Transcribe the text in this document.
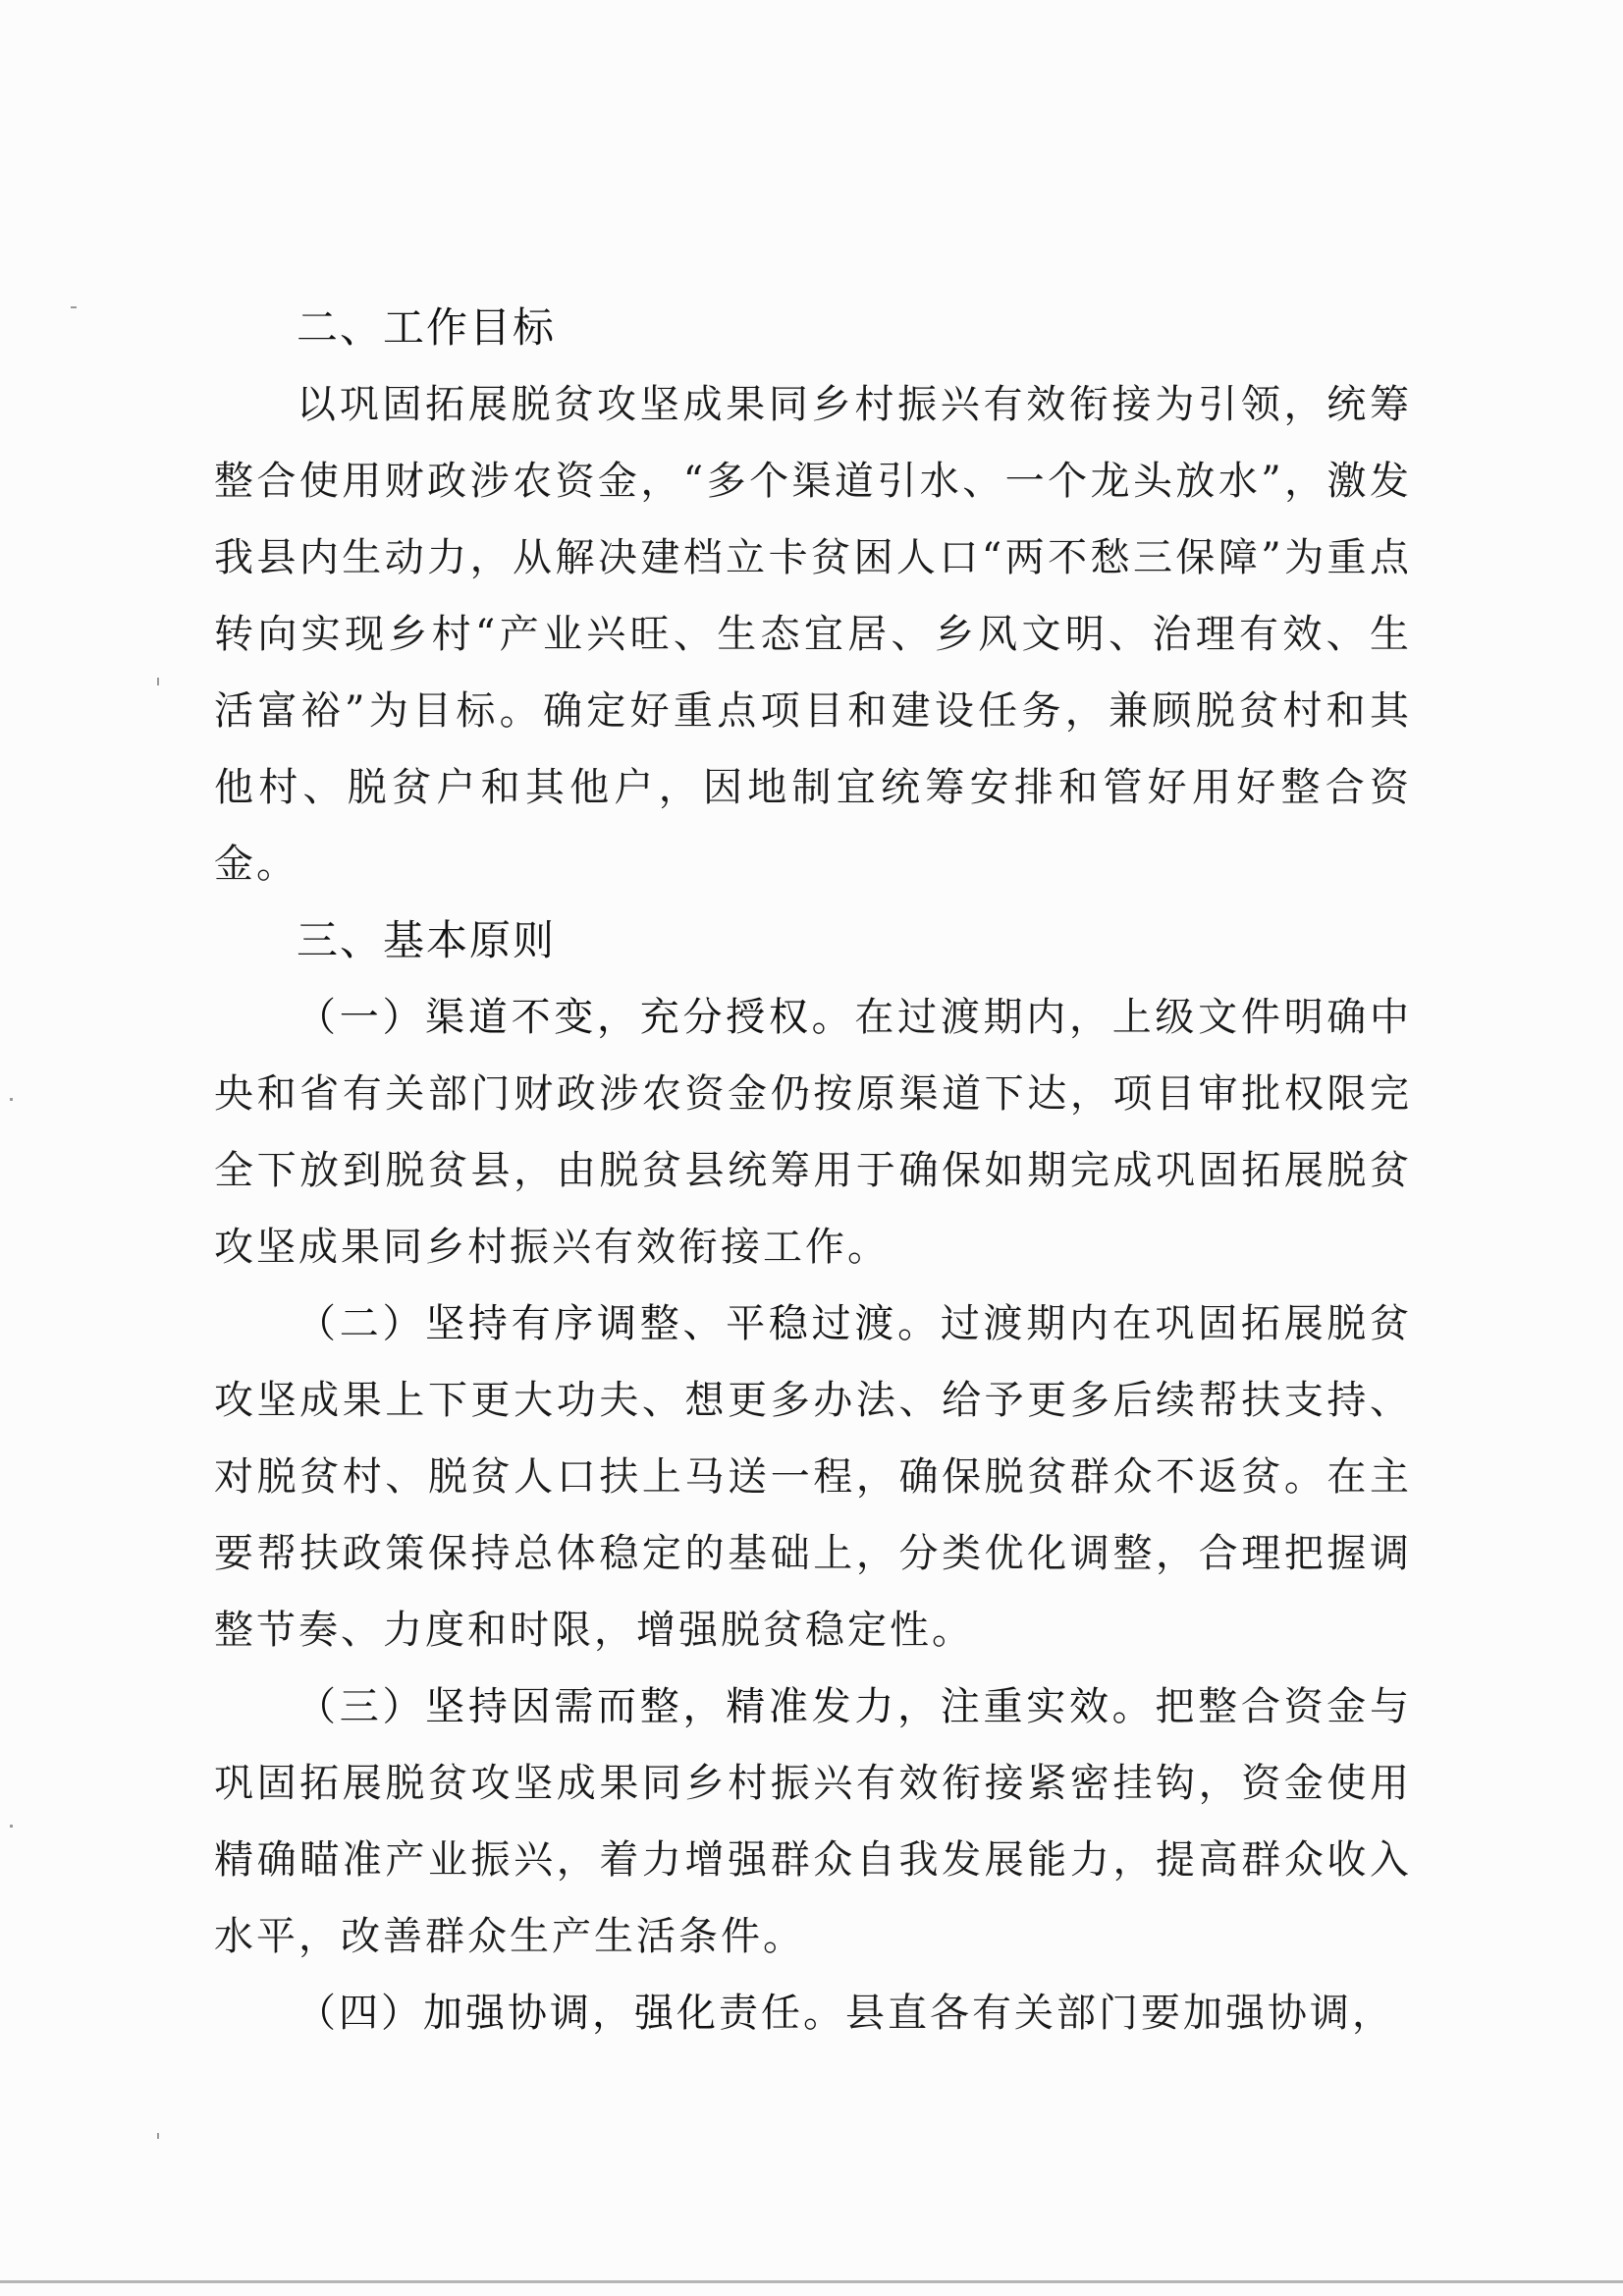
二、工作目标

以巩固拓展脱贫攻坚成果同乡村振兴有效衔接为引领，统筹整合使用财政涉农资金，“多个渠道引水、一个龙头放水”，激发我县内生动力，从解决建档立卡贫困人口“两不愁三保障”为重点转向实现乡村“产业兴旺、生态宜居、乡风文明、治理有效、生活富裕”为目标。确定好重点项目和建设任务，兼顾脱贫村和其他村、脱贫户和其他户，因地制宜统筹安排和管好用好整合资金。

三、基本原则

（一）渠道不变，充分授权。在过渡期内，上级文件明确中央和省有关部门财政涉农资金仍按原渠道下达，项目审批权限完全下放到脱贫县，由脱贫县统筹用于确保如期完成巩固拓展脱贫攻坚成果同乡村振兴有效衔接工作。

（二）坚持有序调整、平稳过渡。过渡期内在巩固拓展脱贫攻坚成果上下更大功夫、想更多办法、给予更多后续帮扶支持、对脱贫村、脱贫人口扶上马送一程，确保脱贫群众不返贫。在主要帮扶政策保持总体稳定的基础上，分类优化调整，合理把握调整节奏、力度和时限，增强脱贫稳定性。

（三）坚持因需而整，精准发力，注重实效。把整合资金与巩固拓展脱贫攻坚成果同乡村振兴有效衔接紧密挂钩，资金使用精确瞄准产业振兴，着力增强群众自我发展能力，提高群众收入水平，改善群众生产生活条件。

（四）加强协调，强化责任。县直各有关部门要加强协调，
